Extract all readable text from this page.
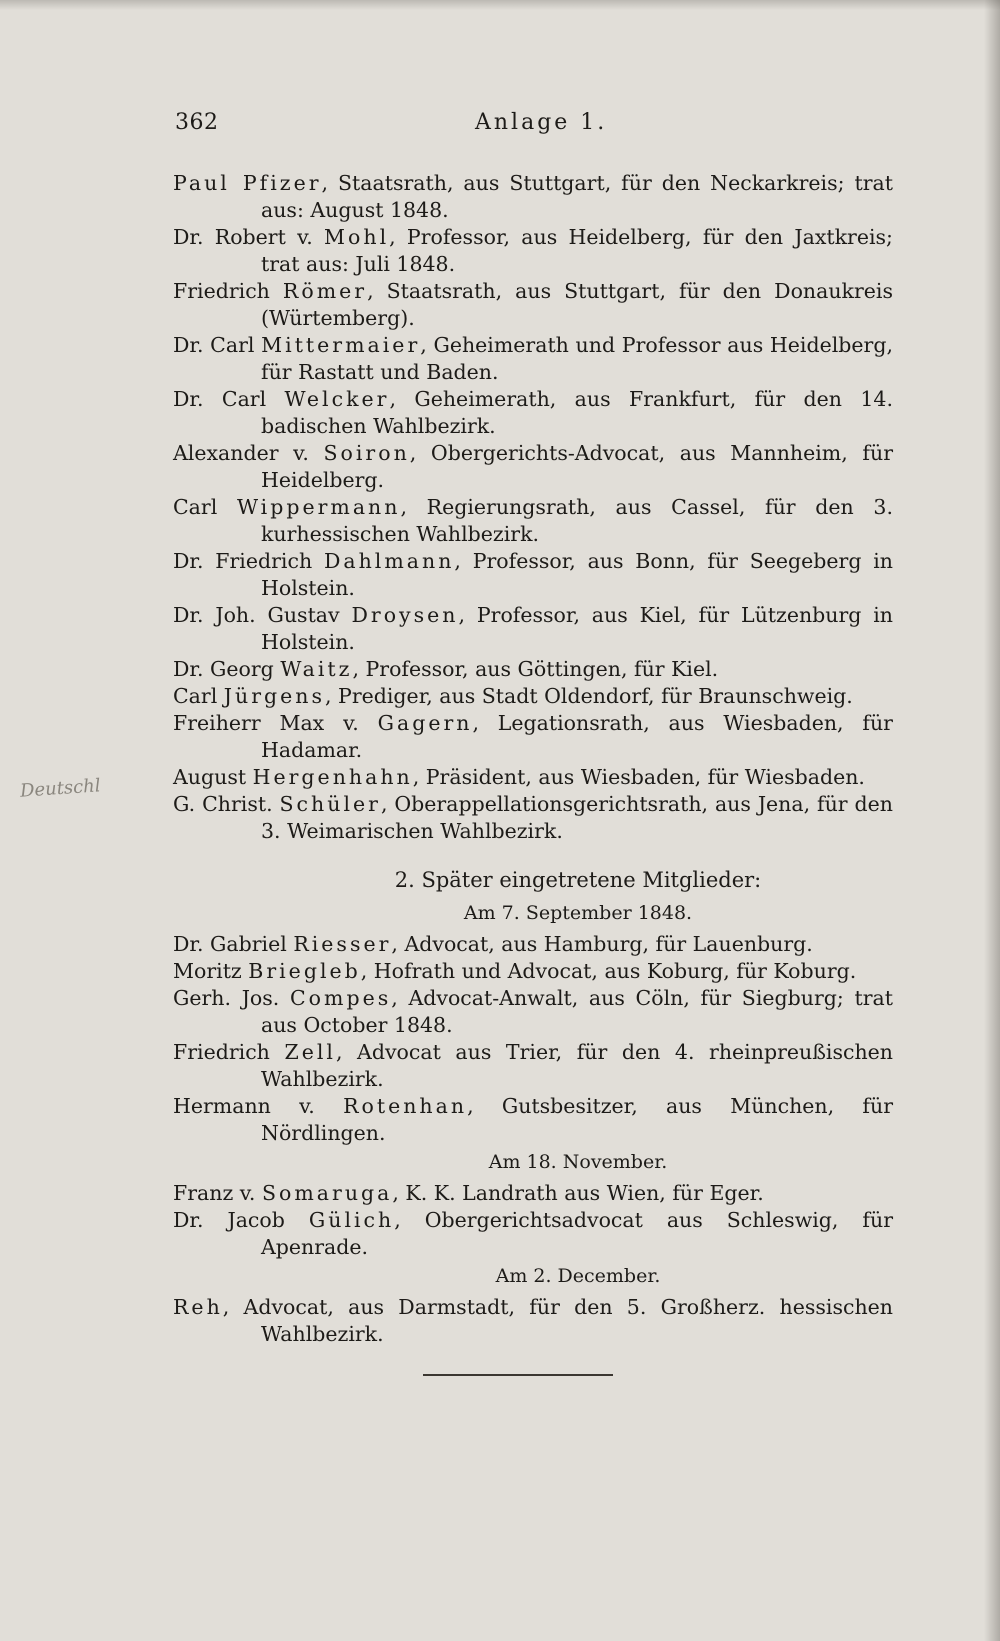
362	Anlage 1.
Deutschl
Paul Pfizer, Staatsrath, aus Stuttgart, für den Neckarkreis; trat aus: August 1848.
Dr. Robert v. Mohl, Professor, aus Heidelberg, für den Jaxtkreis; trat aus: Juli 1848.
Friedrich Römer, Staatsrath, aus Stuttgart, für den Donaukreis (Würtemberg).
Dr. Carl Mittermaier, Geheimerath und Professor aus Heidelberg, für Rastatt und Baden.
Dr. Carl Welcker, Geheimerath, aus Frankfurt, für den 14. badischen Wahlbezirk.
Alexander v. Soiron, Obergerichts-Advocat, aus Mannheim, für Heidelberg.
Carl Wippermann, Regierungsrath, aus Cassel, für den 3. kurhessischen Wahlbezirk.
Dr. Friedrich Dahlmann, Professor, aus Bonn, für Seegeberg in Holstein.
Dr. Joh. Gustav Droysen, Professor, aus Kiel, für Lützenburg in Holstein.
Dr. Georg Waitz, Professor, aus Göttingen, für Kiel.
Carl Jürgens, Prediger, aus Stadt Oldendorf, für Braunschweig.
Freiherr Max v. Gagern, Legationsrath, aus Wiesbaden, für Hadamar.
August Hergenhahn, Präsident, aus Wiesbaden, für Wiesbaden.
G. Christ. Schüler, Oberappellationsgerichtsrath, aus Jena, für den 3. Weimarischen Wahlbezirk.
2. Später eingetretene Mitglieder:
Am 7. September 1848.
Dr. Gabriel Riesser, Advocat, aus Hamburg, für Lauenburg.
Moritz Briegleb, Hofrath und Advocat, aus Koburg, für Koburg.
Gerh. Jos. Compes, Advocat-Anwalt, aus Cöln, für Siegburg; trat aus October 1848.
Friedrich Zell, Advocat aus Trier, für den 4. rheinpreußischen Wahlbezirk.
Hermann v. Rotenhan, Gutsbesitzer, aus München, für Nördlingen.
Am 18. November.
Franz v. Somaruga, K. K. Landrath aus Wien, für Eger.
Dr. Jacob Gülich, Obergerichtsadvocat aus Schleswig, für Apenrade.
Am 2. December.
Reh, Advocat, aus Darmstadt, für den 5. Großherz. hessischen Wahlbezirk.
